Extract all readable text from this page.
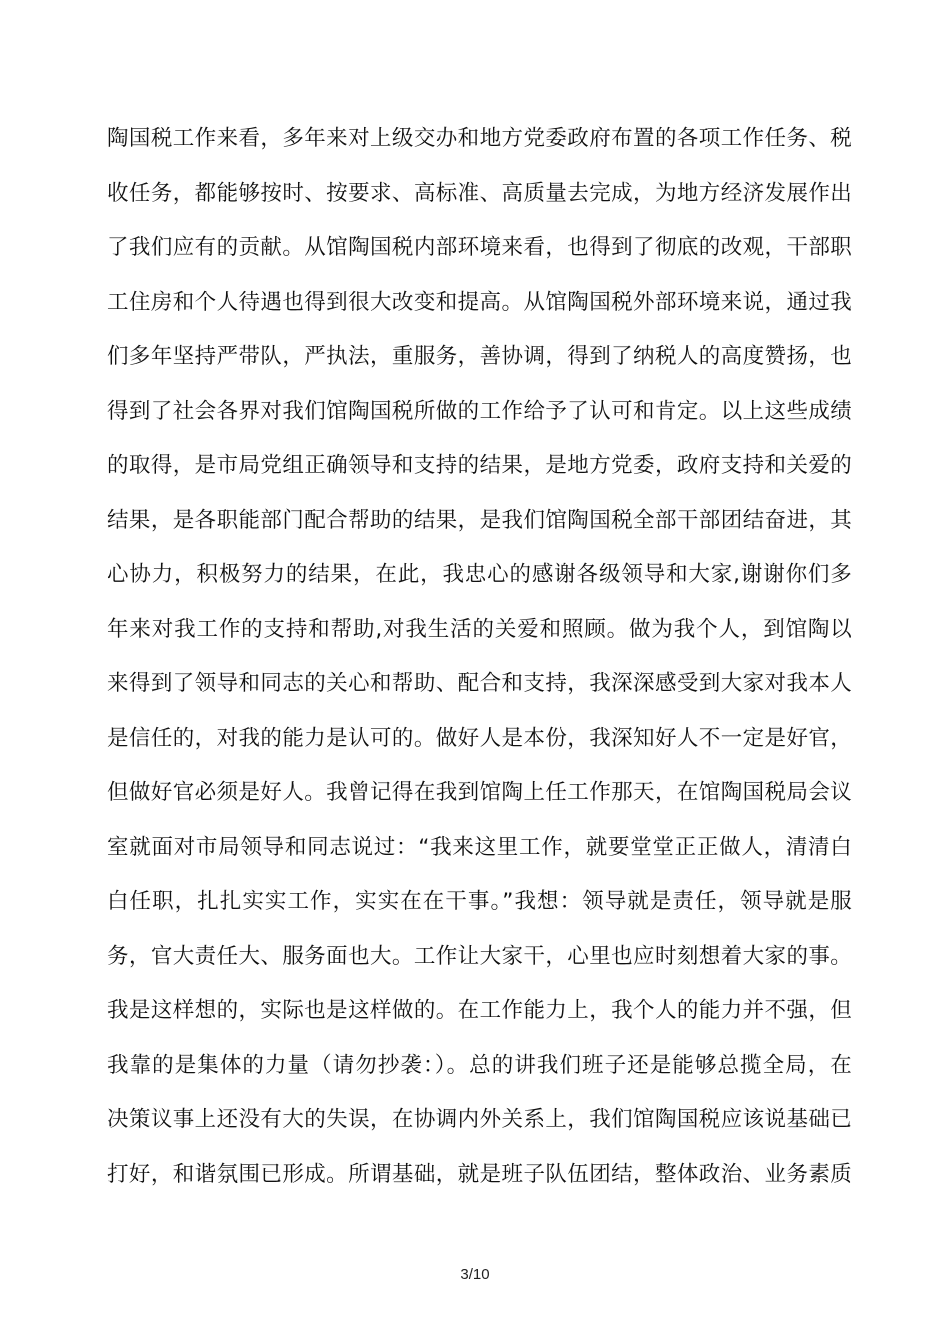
陶国税工作来看，多年来对上级交办和地方党委政府布置的各项工作任务、税
收任务，都能够按时、按要求、高标准、高质量去完成，为地方经济发展作出
了我们应有的贡献。从馆陶国税内部环境来看，也得到了彻底的改观，干部职
工住房和个人待遇也得到很大改变和提高。从馆陶国税外部环境来说，通过我
们多年坚持严带队，严执法，重服务，善协调，得到了纳税人的高度赞扬，也
得到了社会各界对我们馆陶国税所做的工作给予了认可和肯定。以上这些成绩
的取得，是市局党组正确领导和支持的结果，是地方党委，政府支持和关爱的
结果，是各职能部门配合帮助的结果，是我们馆陶国税全部干部团结奋进，其
心协力，积极努力的结果，在此，我忠心的感谢各级领导和大家,谢谢你们多
年来对我工作的支持和帮助,对我生活的关爱和照顾。做为我个人，到馆陶以
来得到了领导和同志的关心和帮助、配合和支持，我深深感受到大家对我本人
是信任的，对我的能力是认可的。做好人是本份，我深知好人不一定是好官，
但做好官必须是好人。我曾记得在我到馆陶上任工作那天，在馆陶国税局会议
室就面对市局领导和同志说过：“我来这里工作，就要堂堂正正做人，清清白
白任职，扎扎实实工作，实实在在干事。”我想：领导就是责任，领导就是服
务，官大责任大、服务面也大。工作让大家干，心里也应时刻想着大家的事。
我是这样想的，实际也是这样做的。在工作能力上，我个人的能力并不强，但
我靠的是集体的力量（请勿抄袭：）。总的讲我们班子还是能够总揽全局，在
决策议事上还没有大的失误，在协调内外关系上，我们馆陶国税应该说基础已
打好，和谐氛围已形成。所谓基础，就是班子队伍团结，整体政治、业务素质
3/10
